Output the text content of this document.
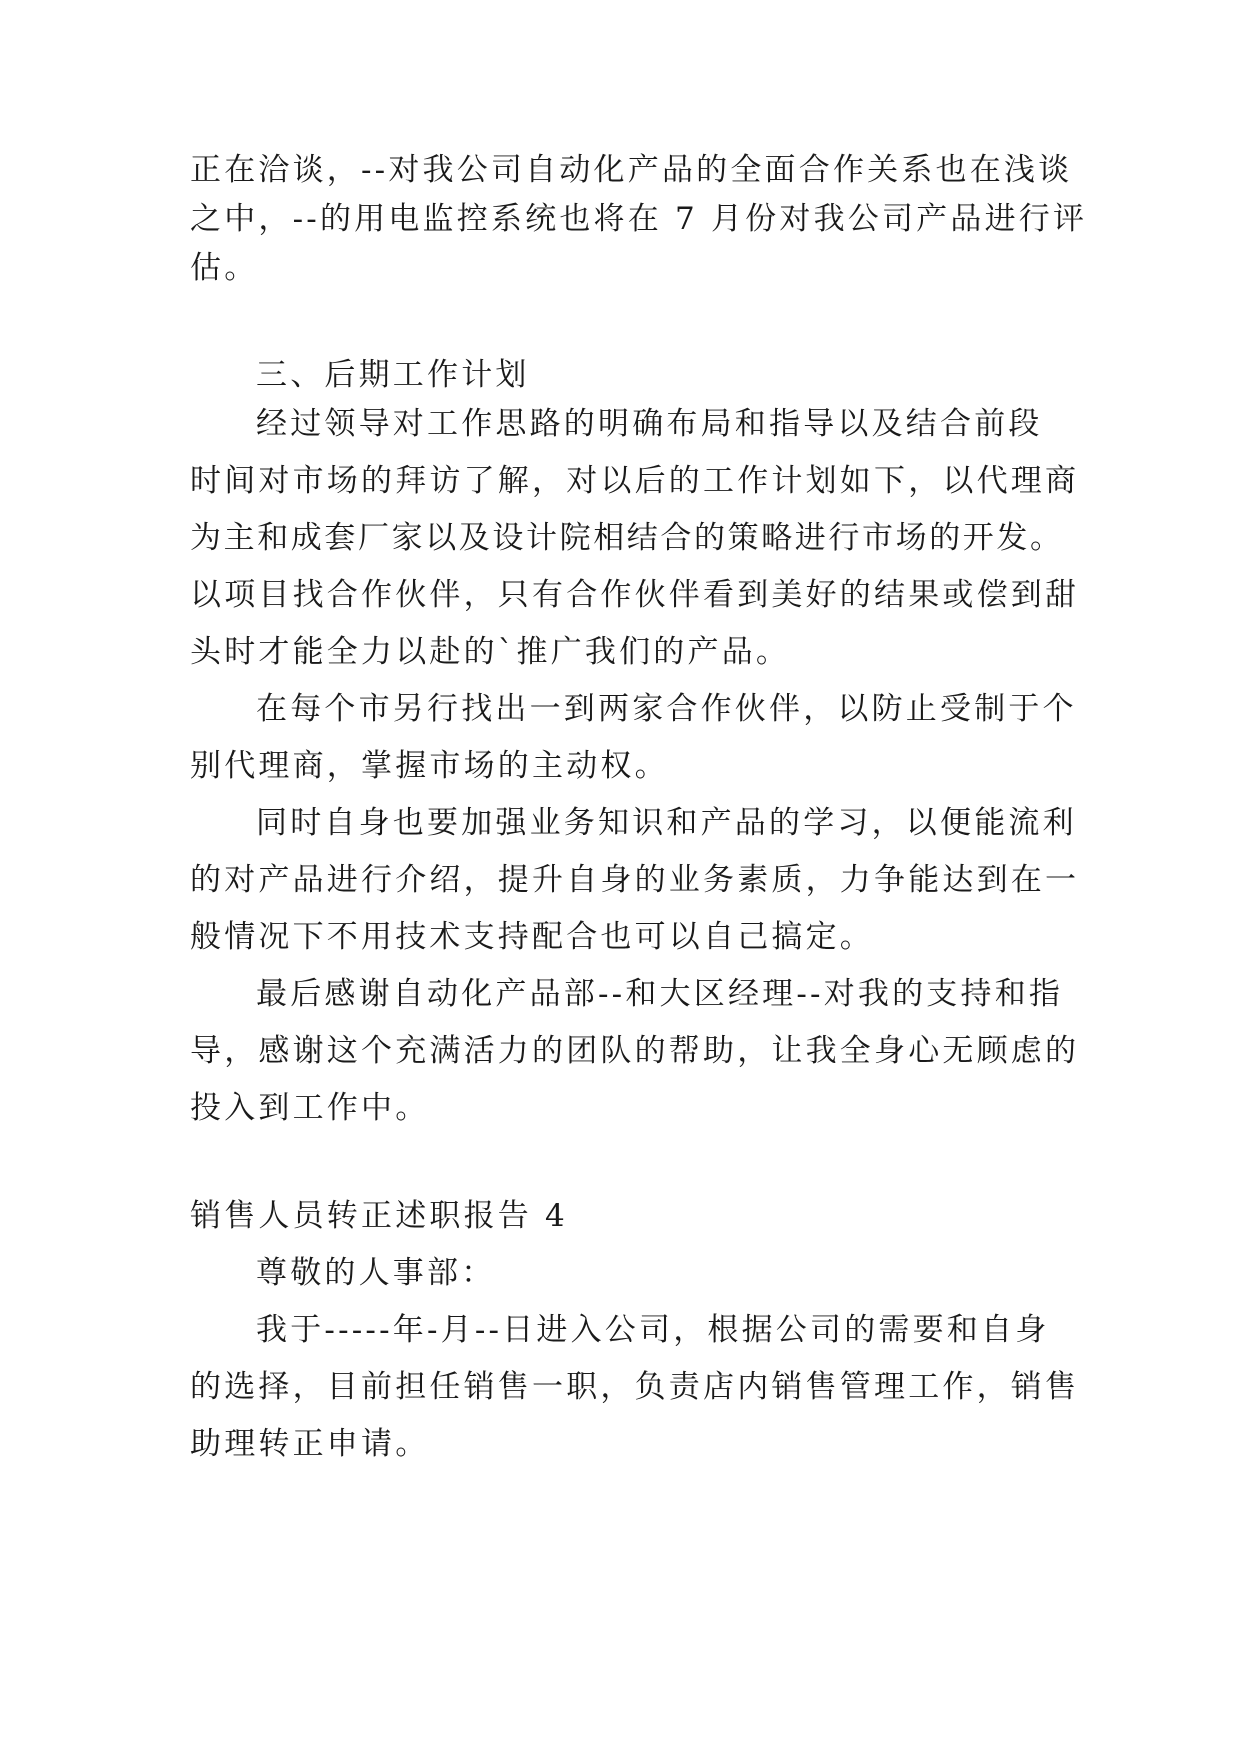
正在洽谈，--对我公司自动化产品的全面合作关系也在浅谈

之中，--的用电监控系统也将在 7 月份对我公司产品进行评

估。

三、后期工作计划

经过领导对工作思路的明确布局和指导以及结合前段

时间对市场的拜访了解，对以后的工作计划如下，以代理商

为主和成套厂家以及设计院相结合的策略进行市场的开发。

以项目找合作伙伴，只有合作伙伴看到美好的结果或偿到甜

头时才能全力以赴的`推广我们的产品。

在每个市另行找出一到两家合作伙伴，以防止受制于个

别代理商，掌握市场的主动权。

同时自身也要加强业务知识和产品的学习，以便能流利

的对产品进行介绍，提升自身的业务素质，力争能达到在一

般情况下不用技术支持配合也可以自己搞定。

最后感谢自动化产品部--和大区经理--对我的支持和指

导，感谢这个充满活力的团队的帮助，让我全身心无顾虑的

投入到工作中。

销售人员转正述职报告 4

尊敬的人事部：

我于-----年-月--日进入公司，根据公司的需要和自身

的选择，目前担任销售一职，负责店内销售管理工作，销售

助理转正申请。
